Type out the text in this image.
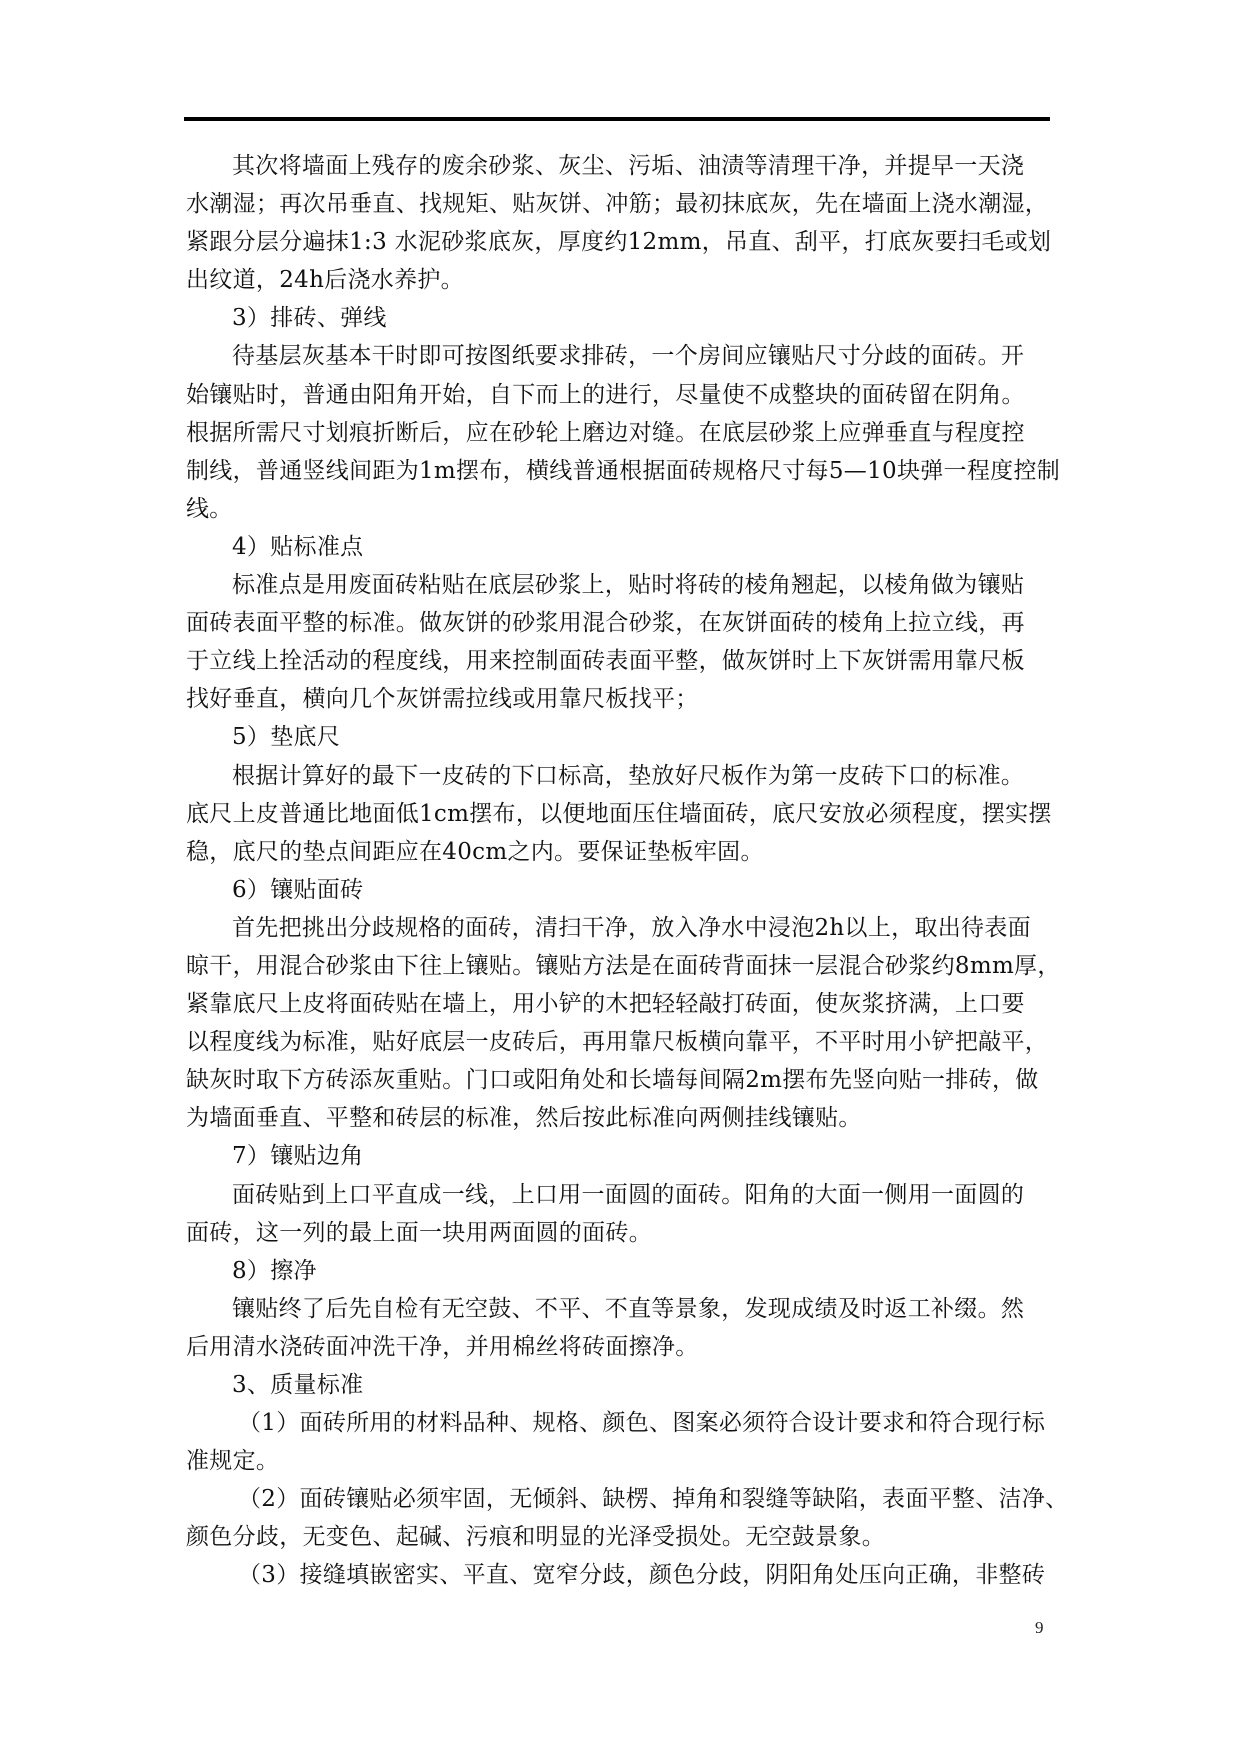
其次将墙面上残存的废余砂浆、灰尘、污垢、油渍等清理干净，并提早一天浇
水潮湿；再次吊垂直、找规矩、贴灰饼、冲筋；最初抹底灰，先在墙面上浇水潮湿，
紧跟分层分遍抹1:3 水泥砂浆底灰，厚度约12mm，吊直、刮平，打底灰要扫毛或划
出纹道，24h后浇水养护。
3）排砖、弹线
待基层灰基本干时即可按图纸要求排砖，一个房间应镶贴尺寸分歧的面砖。开
始镶贴时，普通由阳角开始，自下而上的进行，尽量使不成整块的面砖留在阴角。
根据所需尺寸划痕折断后，应在砂轮上磨边对缝。在底层砂浆上应弹垂直与程度控
制线，普通竖线间距为1m摆布，横线普通根据面砖规格尺寸每5—10块弹一程度控制
线。
4）贴标准点
标准点是用废面砖粘贴在底层砂浆上，贴时将砖的棱角翘起，以棱角做为镶贴
面砖表面平整的标准。做灰饼的砂浆用混合砂浆，在灰饼面砖的棱角上拉立线，再
于立线上拴活动的程度线，用来控制面砖表面平整，做灰饼时上下灰饼需用靠尺板
找好垂直，横向几个灰饼需拉线或用靠尺板找平；
5）垫底尺
根据计算好的最下一皮砖的下口标高，垫放好尺板作为第一皮砖下口的标准。
底尺上皮普通比地面低1cm摆布，以便地面压住墙面砖，底尺安放必须程度，摆实摆
稳，底尺的垫点间距应在40cm之内。要保证垫板牢固。
6）镶贴面砖
首先把挑出分歧规格的面砖，清扫干净，放入净水中浸泡2h以上，取出待表面
晾干，用混合砂浆由下往上镶贴。镶贴方法是在面砖背面抹一层混合砂浆约8mm厚，
紧靠底尺上皮将面砖贴在墙上，用小铲的木把轻轻敲打砖面，使灰浆挤满，上口要
以程度线为标准，贴好底层一皮砖后，再用靠尺板横向靠平，不平时用小铲把敲平，
缺灰时取下方砖添灰重贴。门口或阳角处和长墙每间隔2m摆布先竖向贴一排砖，做
为墙面垂直、平整和砖层的标准，然后按此标准向两侧挂线镶贴。
7）镶贴边角
面砖贴到上口平直成一线，上口用一面圆的面砖。阳角的大面一侧用一面圆的
面砖，这一列的最上面一块用两面圆的面砖。
8）擦净
镶贴终了后先自检有无空鼓、不平、不直等景象，发现成绩及时返工补缀。然
后用清水浇砖面冲洗干净，并用棉丝将砖面擦净。
3、质量标准
（1）面砖所用的材料品种、规格、颜色、图案必须符合设计要求和符合现行标
准规定。
（2）面砖镶贴必须牢固，无倾斜、缺楞、掉角和裂缝等缺陷，表面平整、洁净、
颜色分歧，无变色、起碱、污痕和明显的光泽受损处。无空鼓景象。
（3）接缝填嵌密实、平直、宽窄分歧，颜色分歧，阴阳角处压向正确，非整砖
9
